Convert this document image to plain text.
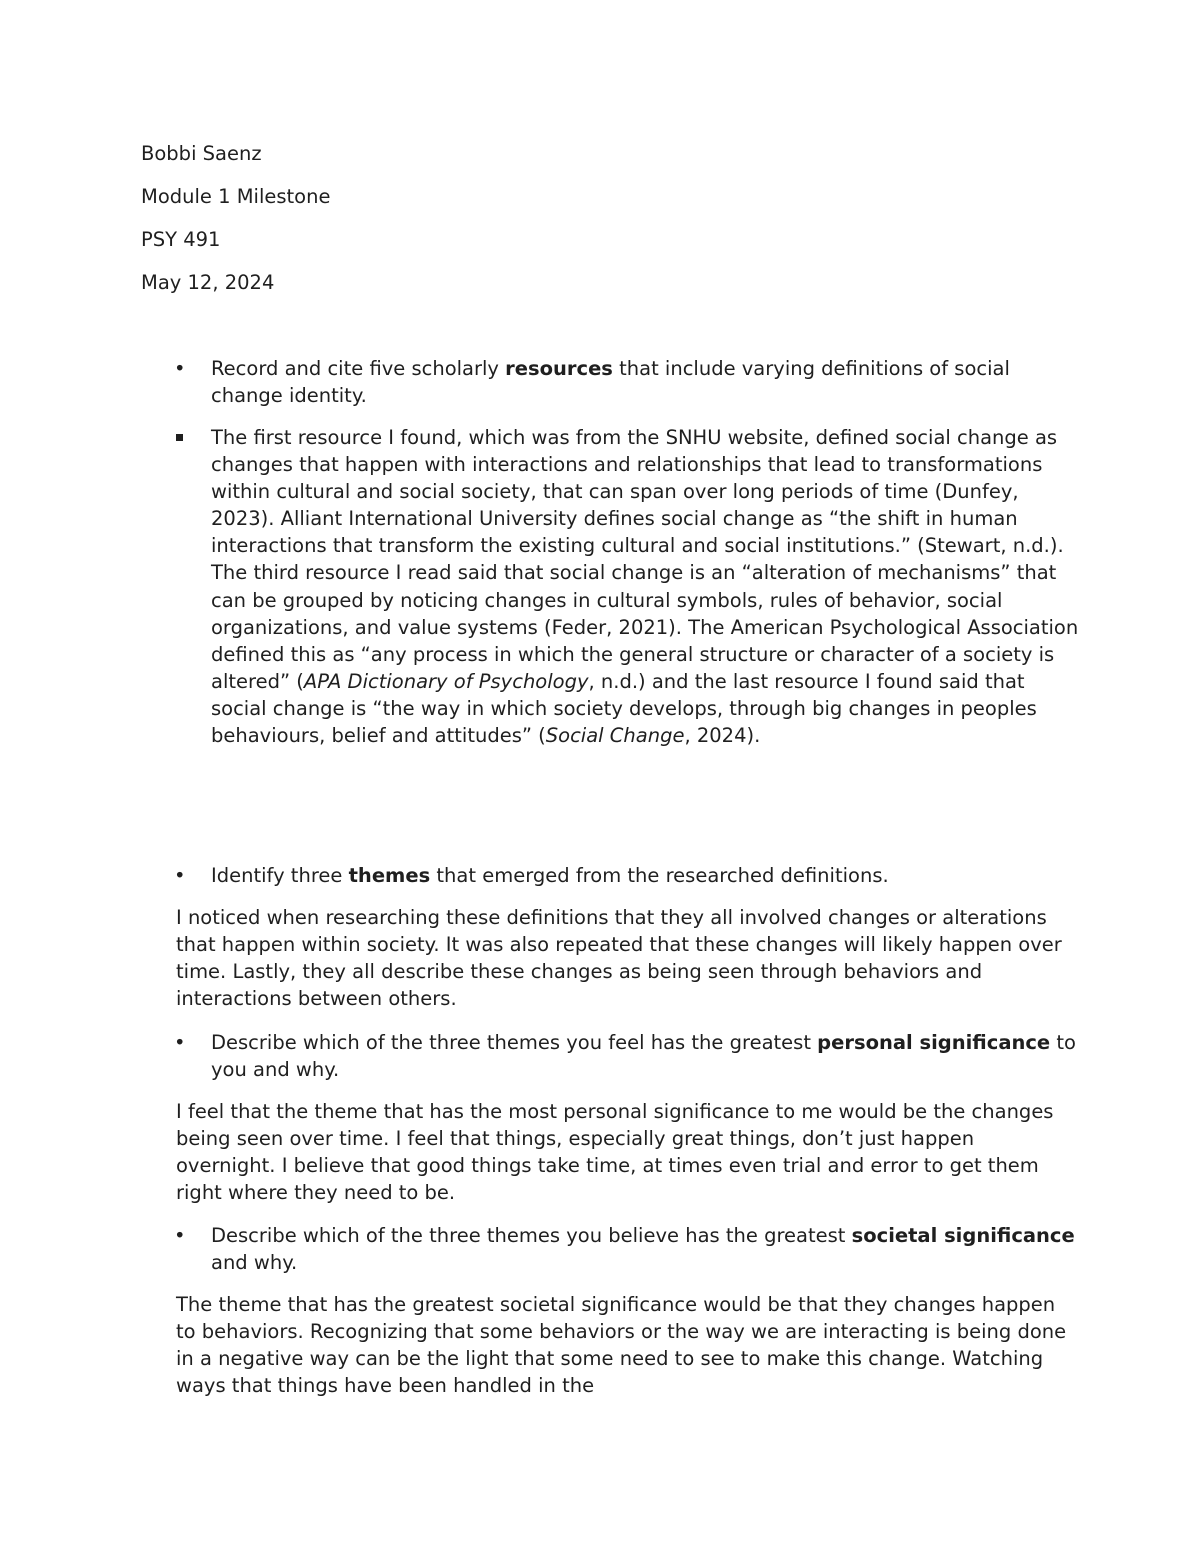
Bobbi Saenz
Module 1 Milestone
PSY 491
May 12, 2024
• Record and cite five scholarly resources that include varying definitions of social change identity.
The first resource I found, which was from the SNHU website, defined social change as changes that happen with interactions and relationships that lead to transformations within cultural and social society, that can span over long periods of time (Dunfey, 2023). Alliant International University defines social change as “the shift in human interactions that transform the existing cultural and social institutions.” (Stewart, n.d.). The third resource I read said that social change is an “alteration of mechanisms” that can be grouped by noticing changes in cultural symbols, rules of behavior, social organizations, and value systems (Feder, 2021). The American Psychological Association defined this as “any process in which the general structure or character of a society is altered” (APA Dictionary of Psychology, n.d.) and the last resource I found said that social change is “the way in which society develops, through big changes in peoples behaviours, belief and attitudes” (Social Change, 2024).
• Identify three themes that emerged from the researched definitions.
I noticed when researching these definitions that they all involved changes or alterations that happen within society. It was also repeated that these changes will likely happen over time. Lastly, they all describe these changes as being seen through behaviors and interactions between others.
• Describe which of the three themes you feel has the greatest personal significance to you and why.
I feel that the theme that has the most personal significance to me would be the changes being seen over time. I feel that things, especially great things, don’t just happen overnight. I believe that good things take time, at times even trial and error to get them right where they need to be.
• Describe which of the three themes you believe has the greatest societal significance and why.
The theme that has the greatest societal significance would be that they changes happen to behaviors. Recognizing that some behaviors or the way we are interacting is being done in a negative way can be the light that some need to see to make this change. Watching ways that things have been handled in the
